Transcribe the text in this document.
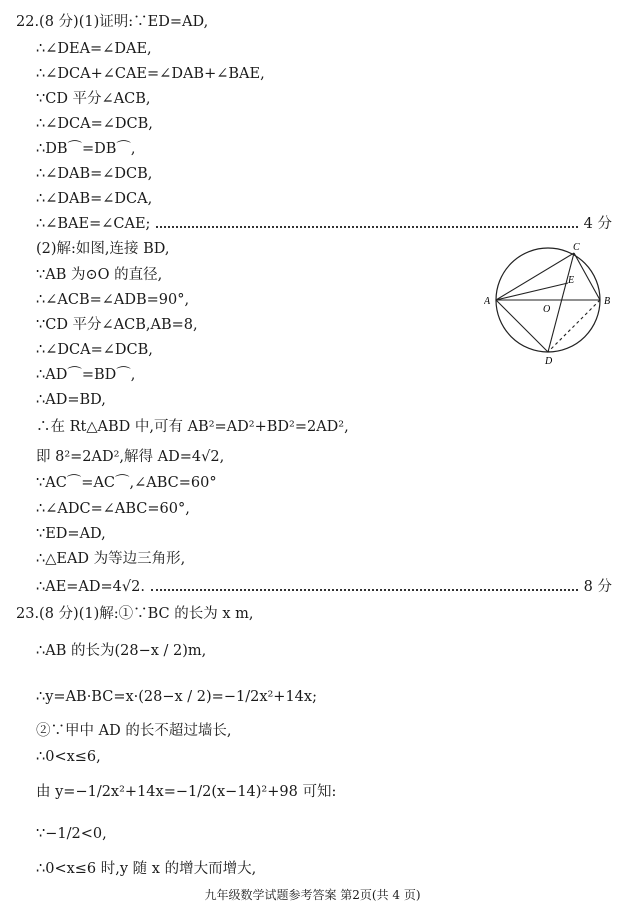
22.(8 分)(1)证明:∵ED=AD,
∴∠DEA=∠DAE,
∴∠DCA+∠CAE=∠DAB+∠BAE,
∵CD 平分∠ACB,
∴∠DCA=∠DCB,
∴DB⌒=DB⌒,
∴∠DAB=∠DCB,
∴∠DAB=∠DCA,
∴∠BAE=∠CAE;	4 分
(2)解:如图,连接 BD,
∵AB 为⊙O 的直径,
∴∠ACB=∠ADB=90°,
∵CD 平分∠ACB,AB=8,
∴∠DCA=∠DCB,
∴AD⌒=BD⌒,
∴AD=BD,
∴在 Rt△ABD 中,可有 AB²=AD²+BD²=2AD²,
即 8²=2AD²,解得 AD=4√2,
∵AC⌒=AC⌒,∠ABC=60°
∴∠ADC=∠ABC=60°,
∵ED=AD,
∴△EAD 为等边三角形,
∴AE=AD=4√2.	8 分
23.(8 分)(1)解:①∵BC 的长为 x m,
∴AB 的长为(28−x / 2)m,
∴y=AB·BC=x·(28−x / 2)=−1/2x²+14x;
②∵甲中 AD 的长不超过墙长,
∴0<x≤6,
由 y=−1/2x²+14x=−1/2(x−14)²+98 可知:
∵−1/2<0,
∴0<x≤6 时,y 随 x 的增大而增大,
A	B
C
D
E
O
九年级数学试题参考答案 第2页(共 4 页)
